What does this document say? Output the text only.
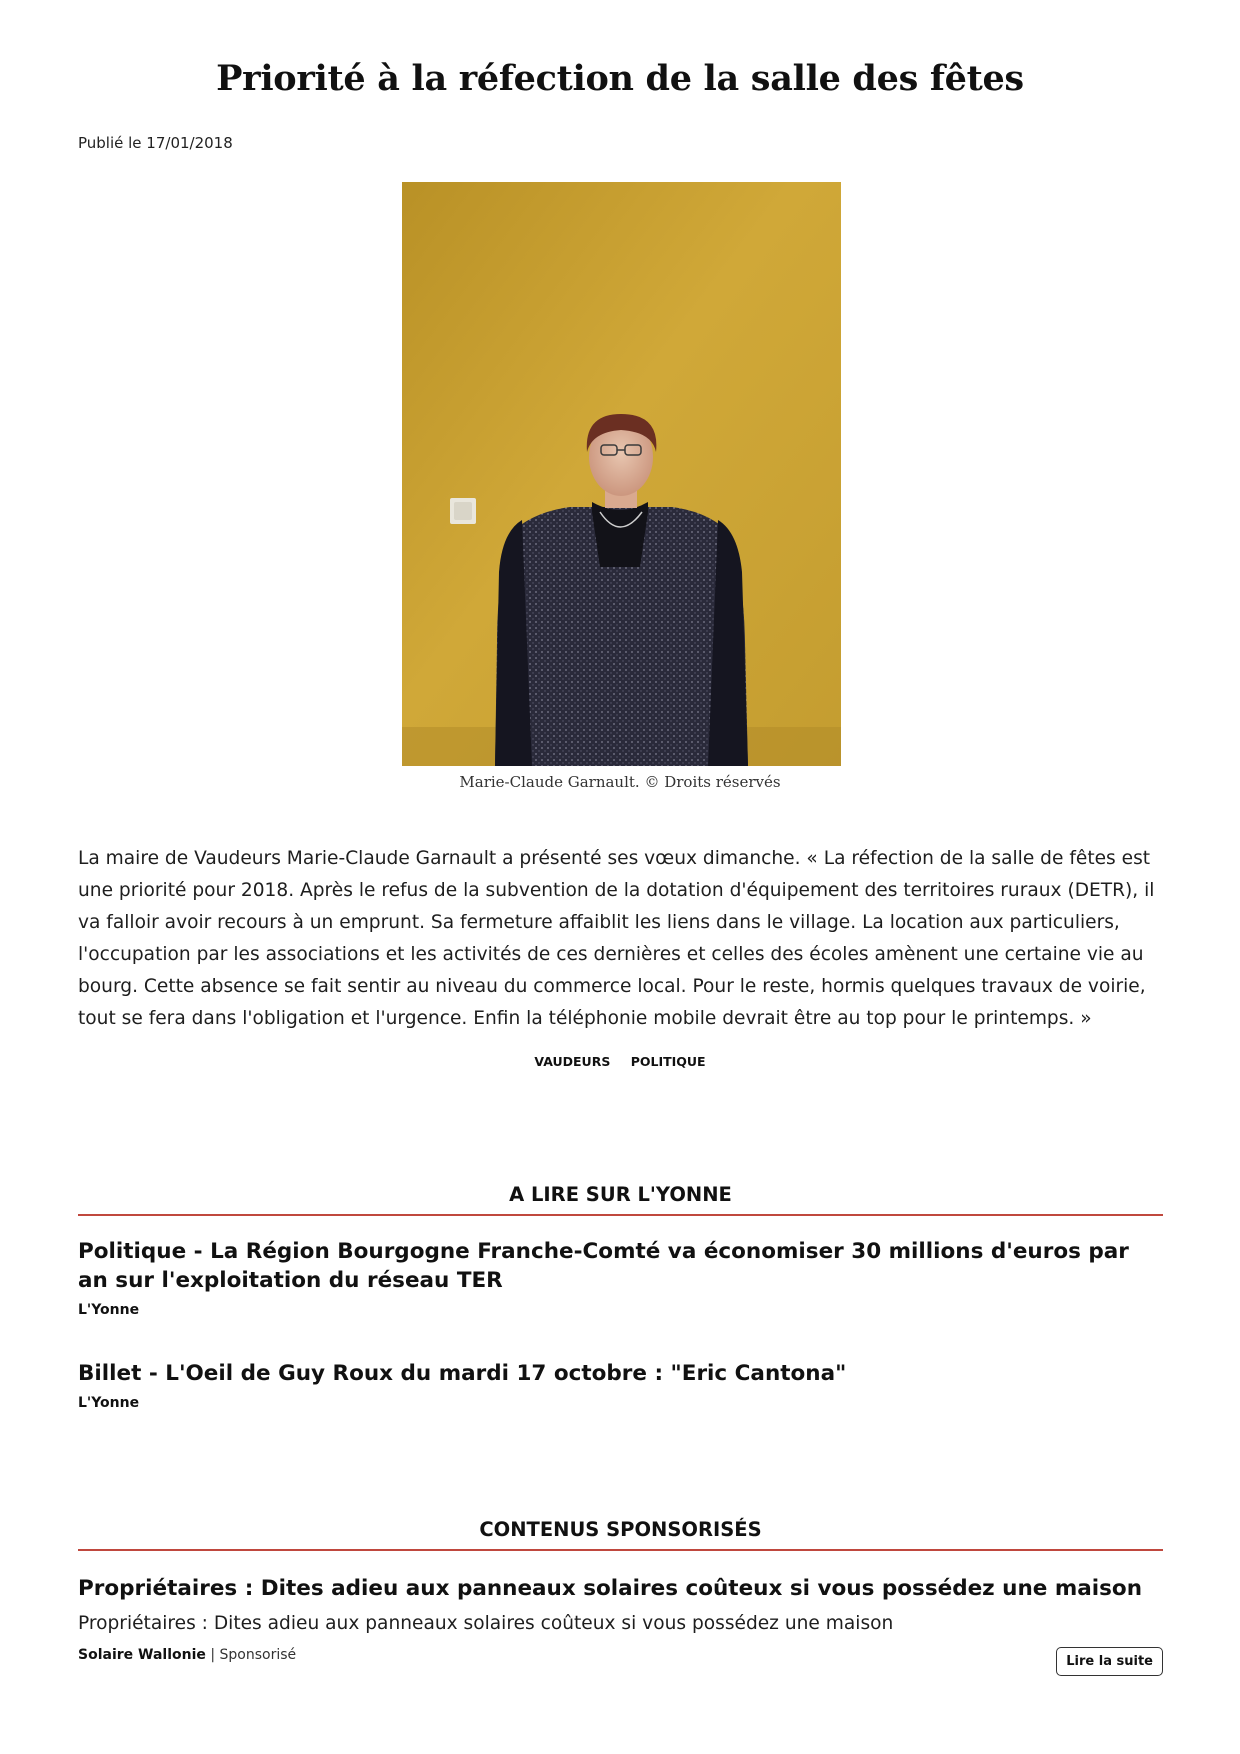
Priorité à la réfection de la salle des fêtes
Publié le 17/01/2018
Marie-Claude Garnault. © Droits réservés

La maire de Vaudeurs Marie-Claude Garnault a présenté ses vœux dimanche. « La réfection de la salle de fêtes est une priorité pour 2018. Après le refus de la subvention de la dotation d'équipement des territoires ruraux (DETR), il va falloir avoir recours à un emprunt. Sa fermeture affaiblit les liens dans le village. La location aux particuliers, l'occupation par les associations et les activités de ces dernières et celles des écoles amènent une certaine vie au bourg. Cette absence se fait sentir au niveau du commerce local. Pour le reste, hormis quelques travaux de voirie, tout se fera dans l'obligation et l'urgence. Enfin la téléphonie mobile devrait être au top pour le printemps. »

VAUDEURS POLITIQUE
A LIRE SUR L'YONNE
Politique - La Région Bourgogne Franche-Comté va économiser 30 millions d'euros par an sur l'exploitation du réseau TER
L'Yonne
Billet - L'Oeil de Guy Roux du mardi 17 octobre : "Eric Cantona"
L'Yonne
CONTENUS SPONSORISÉS
Propriétaires : Dites adieu aux panneaux solaires coûteux si vous possédez une maison
Propriétaires : Dites adieu aux panneaux solaires coûteux si vous possédez une maison
Solaire Wallonie | Sponsorisé	Lire la suite
